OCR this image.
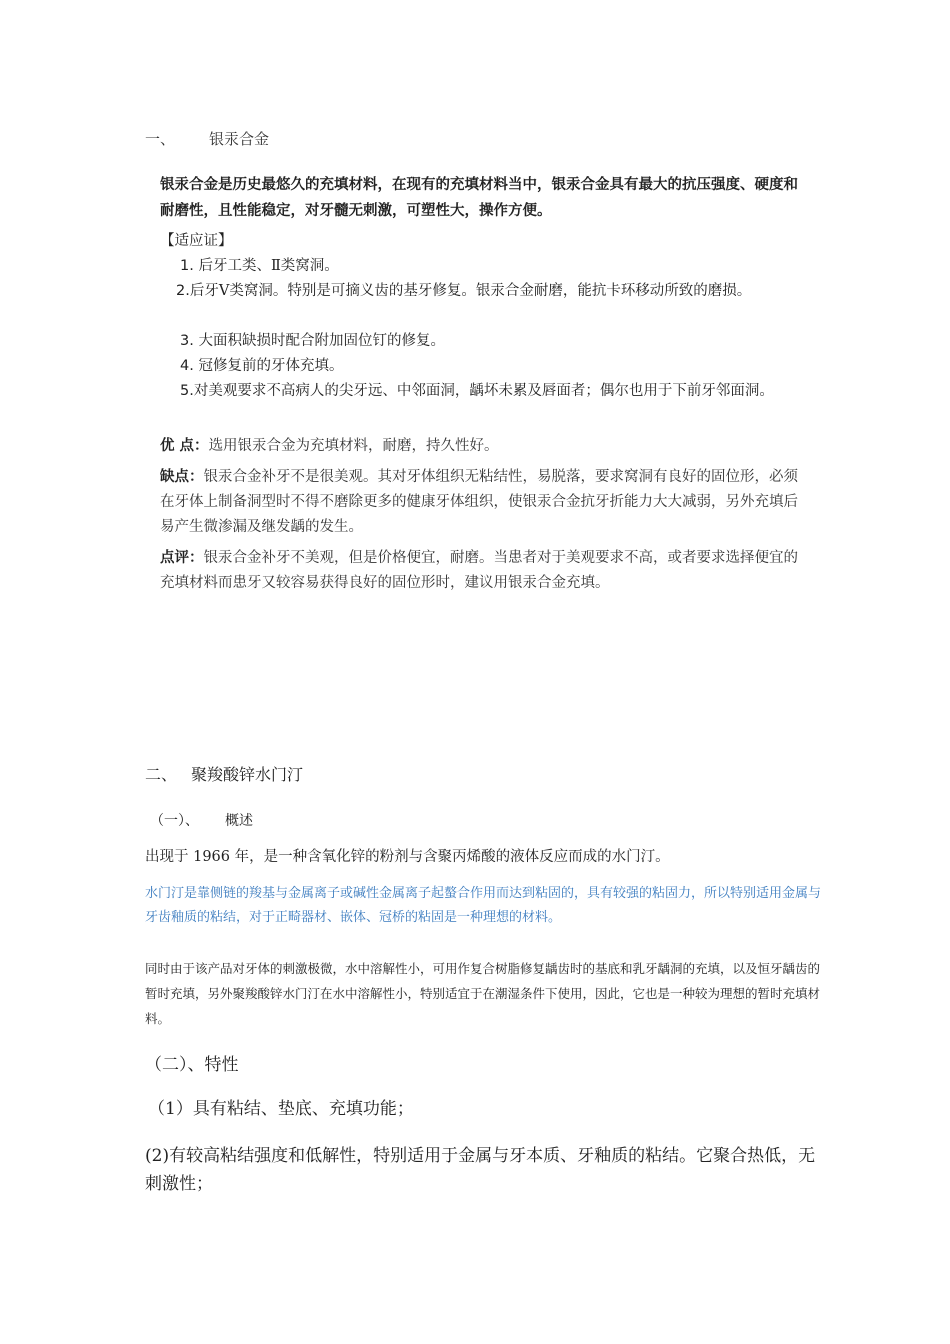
一、 银汞合金

银汞合金是历史最悠久的充填材料，在现有的充填材料当中，银汞合金具有最大的抗压强度、硬度和耐磨性，且性能稳定，对牙髓无刺激，可塑性大，操作方便。

【适应证】
1. 后牙工类、Ⅱ类窝洞。
2.后牙Ⅴ类窝洞。特别是可摘义齿的基牙修复。银汞合金耐磨，能抗卡环移动所致的磨损。
3. 大面积缺损时配合附加固位钉的修复。
4. 冠修复前的牙体充填。
5.对美观要求不高病人的尖牙远、中邻面洞，龋坏未累及唇面者；偶尔也用于下前牙邻面洞。
优 点：选用银汞合金为充填材料，耐磨，持久性好。
缺点：银汞合金补牙不是很美观。其对牙体组织无粘结性，易脱落，要求窝洞有良好的固位形，必须在牙体上制备洞型时不得不磨除更多的健康牙体组织，使银汞合金抗牙折能力大大减弱，另外充填后易产生微渗漏及继发龋的发生。
点评：银汞合金补牙不美观，但是价格便宜，耐磨。当患者对于美观要求不高，或者要求选择便宜的充填材料而患牙又较容易获得良好的固位形时，建议用银汞合金充填。
二、 聚羧酸锌水门汀
（一）、 概述

出现于 1966 年，是一种含氧化锌的粉剂与含聚丙烯酸的液体反应而成的水门汀。

水门汀是靠侧链的羧基与金属离子或碱性金属离子起螯合作用而达到粘固的，具有较强的粘固力，所以特别适用金属与牙齿釉质的粘结，对于正畸器材、嵌体、冠桥的粘固是一种理想的材料。

同时由于该产品对牙体的刺激极微，水中溶解性小，可用作复合树脂修复龋齿时的基底和乳牙龋洞的充填，以及恒牙龋齿的暂时充填，另外聚羧酸锌水门汀在水中溶解性小，特别适宜于在潮湿条件下使用，因此，它也是一种较为理想的暂时充填材料。

（二）、特性
（1）具有粘结、垫底、充填功能；
(2)有较高粘结强度和低解性，特别适用于金属与牙本质、牙釉质的粘结。它聚合热低，无刺激性；
